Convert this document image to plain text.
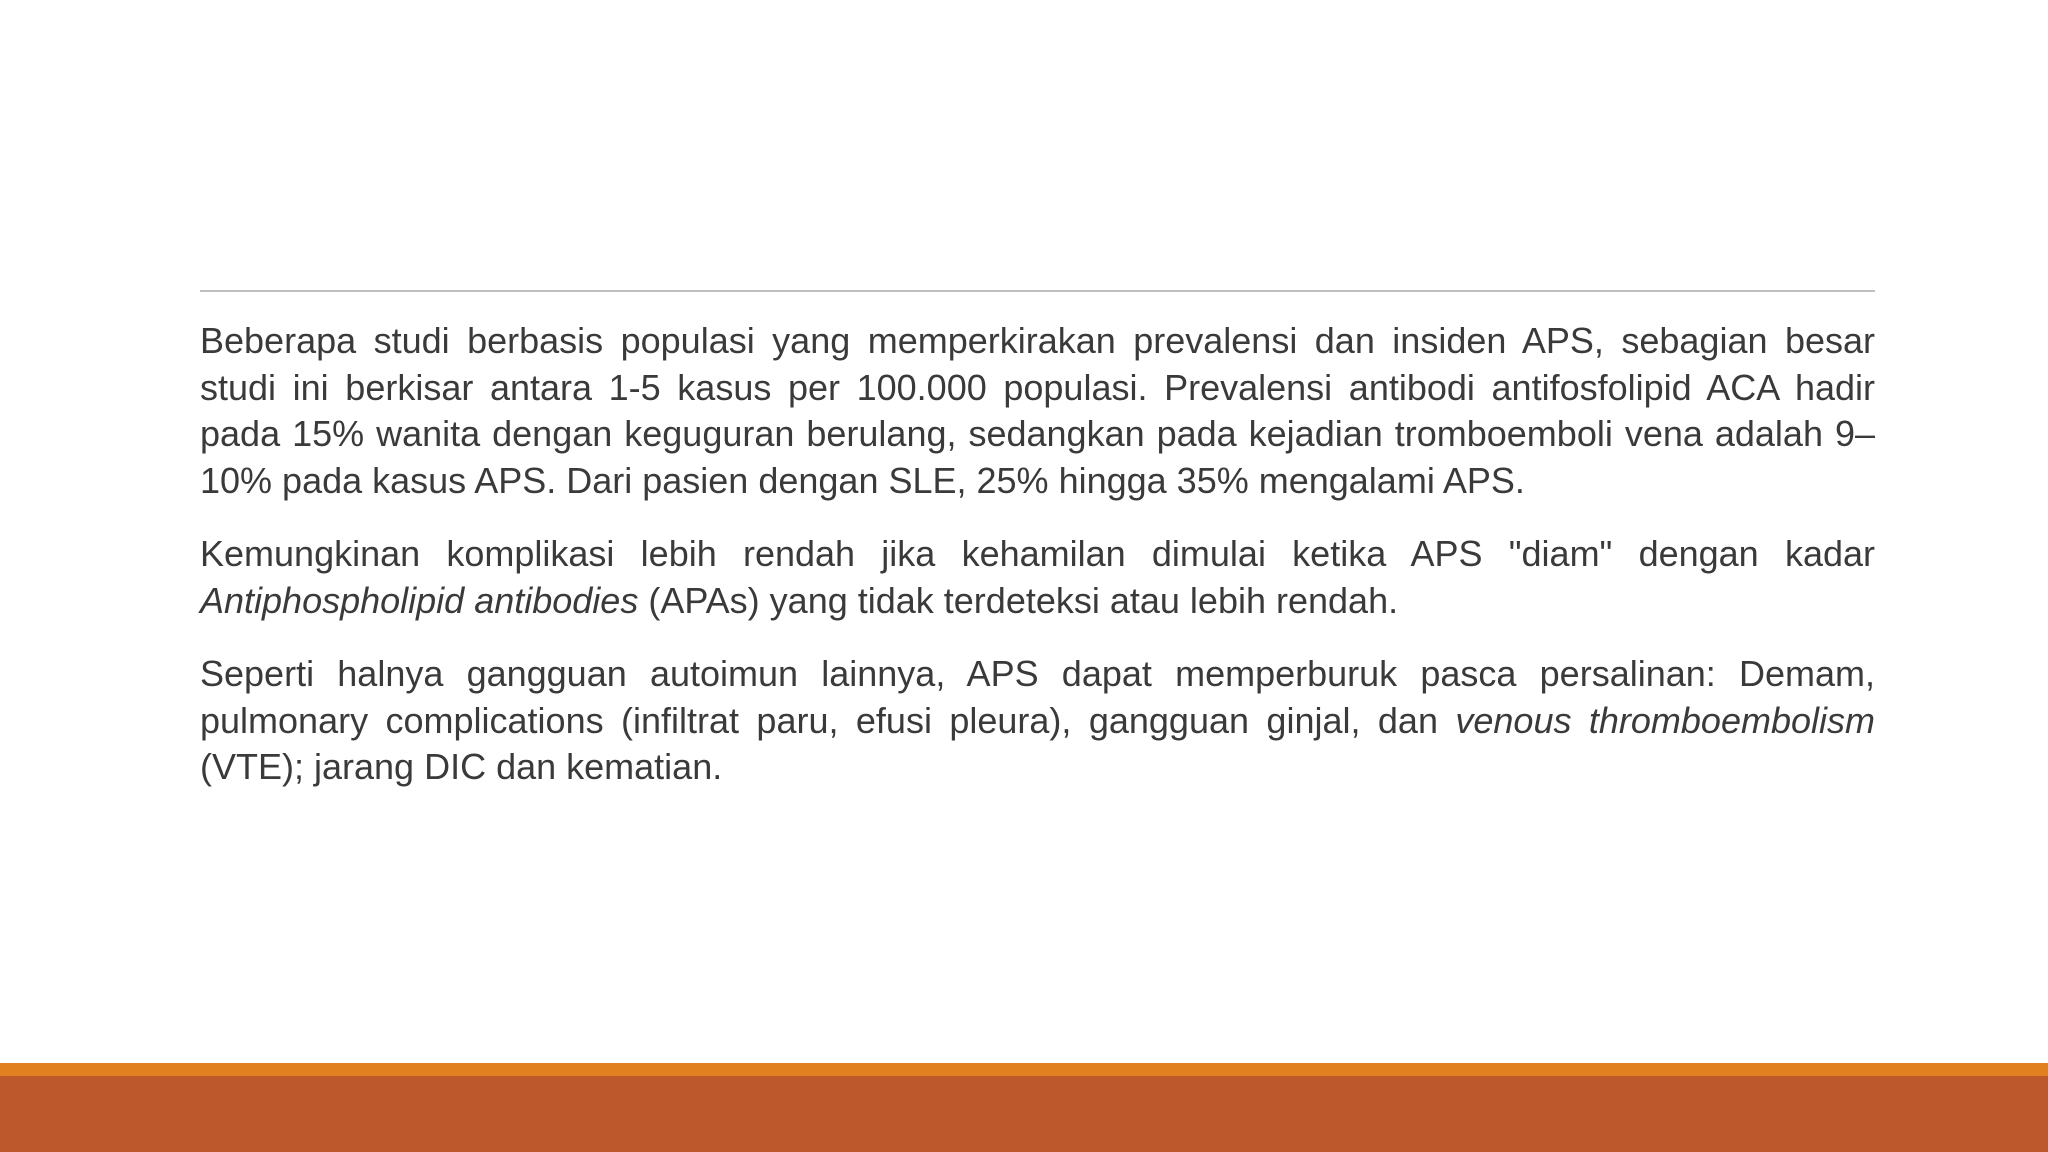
Beberapa studi berbasis populasi yang memperkirakan prevalensi dan insiden APS, sebagian besar studi ini berkisar antara 1-5 kasus per 100.000 populasi. Prevalensi antibodi antifosfolipid ACA hadir pada 15% wanita dengan keguguran berulang, sedangkan pada kejadian tromboemboli vena adalah 9–10% pada kasus APS. Dari pasien dengan SLE, 25% hingga 35% mengalami APS.

Kemungkinan komplikasi lebih rendah jika kehamilan dimulai ketika APS "diam" dengan kadar Antiphospholipid antibodies (APAs) yang tidak terdeteksi atau lebih rendah.

Seperti halnya gangguan autoimun lainnya, APS dapat memperburuk pasca persalinan: Demam, pulmonary complications (infiltrat paru, efusi pleura), gangguan ginjal, dan venous thromboembolism (VTE); jarang DIC dan kematian.
